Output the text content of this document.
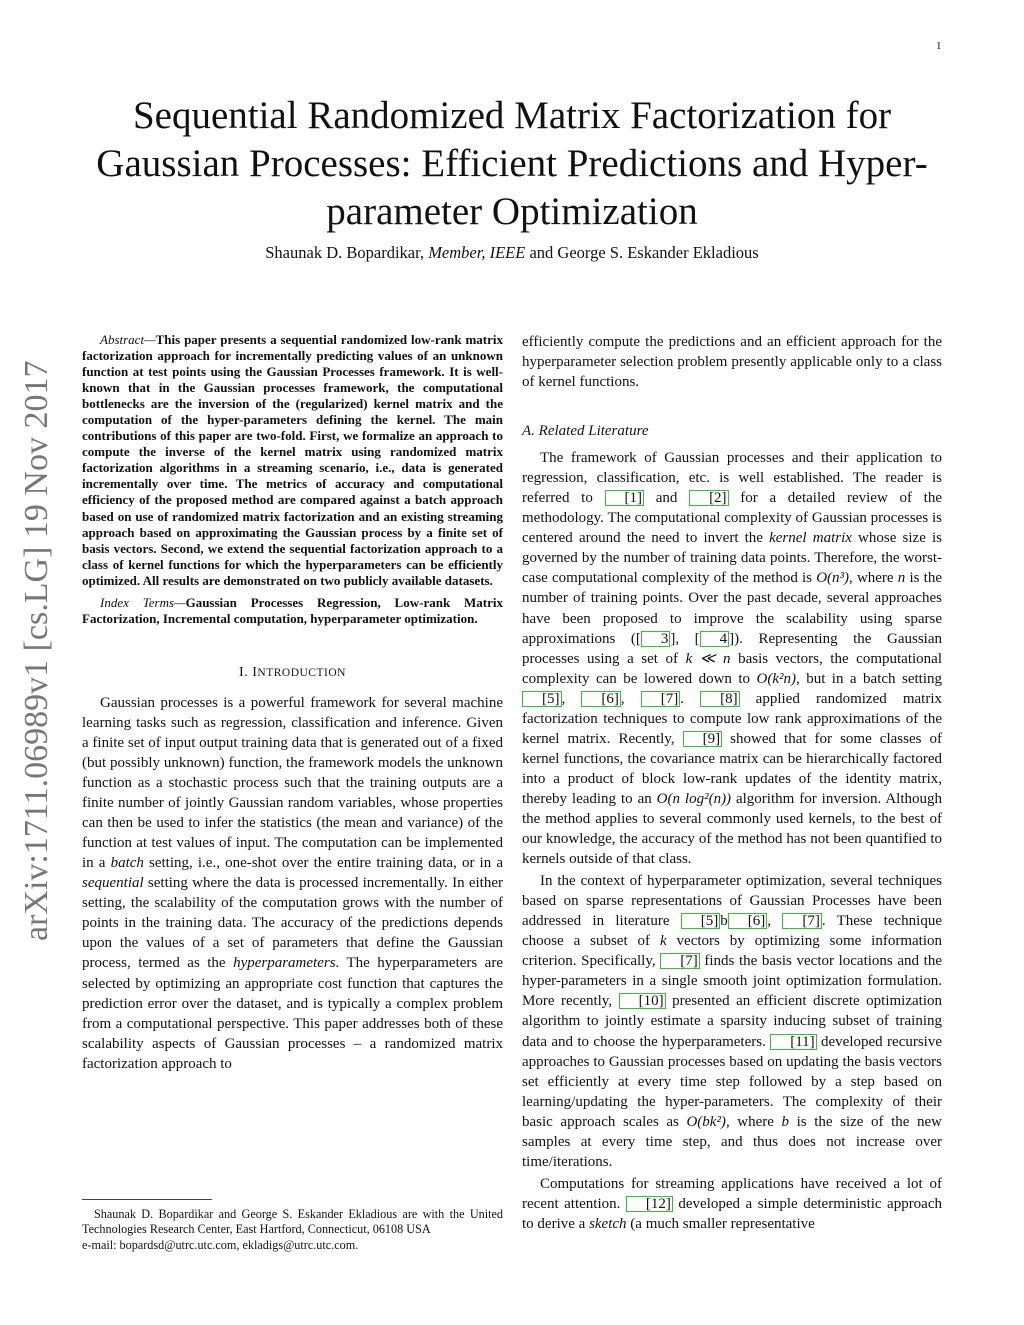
1
Sequential Randomized Matrix Factorization for Gaussian Processes: Efficient Predictions and Hyper-parameter Optimization
Shaunak D. Bopardikar, Member, IEEE and George S. Eskander Ekladious
arXiv:1711.06989v1 [cs.LG] 19 Nov 2017

Abstract—This paper presents a sequential randomized low-rank matrix factorization approach for incrementally predicting values of an unknown function at test points using the Gaussian Processes framework. It is well-known that in the Gaussian processes framework, the computational bottlenecks are the inversion of the (regularized) kernel matrix and the computation of the hyper-parameters defining the kernel. The main contributions of this paper are two-fold. First, we formalize an approach to compute the inverse of the kernel matrix using randomized matrix factorization algorithms in a streaming scenario, i.e., data is generated incrementally over time. The metrics of accuracy and computational efficiency of the proposed method are compared against a batch approach based on use of randomized matrix factorization and an existing streaming approach based on approximating the Gaussian process by a finite set of basis vectors. Second, we extend the sequential factorization approach to a class of kernel functions for which the hyperparameters can be efficiently optimized. All results are demonstrated on two publicly available datasets.

Index Terms—Gaussian Processes Regression, Low-rank Matrix Factorization, Incremental computation, hyperparameter optimization.

I. INTRODUCTION

Gaussian processes is a powerful framework for several machine learning tasks such as regression, classification and inference. Given a finite set of input output training data that is generated out of a fixed (but possibly unknown) function, the framework models the unknown function as a stochastic process such that the training outputs are a finite number of jointly Gaussian random variables, whose properties can then be used to infer the statistics (the mean and variance) of the function at test values of input. The computation can be implemented in a batch setting, i.e., one-shot over the entire training data, or in a sequential setting where the data is processed incrementally. In either setting, the scalability of the computation grows with the number of points in the training data. The accuracy of the predictions depends upon the values of a set of parameters that define the Gaussian process, termed as the hyperparameters. The hyperparameters are selected by optimizing an appropriate cost function that captures the prediction error over the dataset, and is typically a complex problem from a computational perspective. This paper addresses both of these scalability aspects of Gaussian processes – a randomized matrix factorization approach to

efficiently compute the predictions and an efficient approach for the hyperparameter selection problem presently applicable only to a class of kernel functions.

A. Related Literature

The framework of Gaussian processes and their application to regression, classification, etc. is well established. The reader is referred to [1] and [2] for a detailed review of the methodology. The computational complexity of Gaussian processes is centered around the need to invert the kernel matrix whose size is governed by the number of training data points. Therefore, the worst-case computational complexity of the method is O(n³), where n is the number of training points. Over the past decade, several approaches have been proposed to improve the scalability using sparse approximations ([ 3 ], [ 4 ]). Representing the Gaussian processes using a set of k ≪ n basis vectors, the computational complexity can be lowered down to O(k²n), but in a batch setting [5] , [6] , [7] . [8] applied randomized matrix factorization techniques to compute low rank approximations of the kernel matrix. Recently, [9] showed that for some classes of kernel functions, the covariance matrix can be hierarchically factored into a product of block low-rank updates of the identity matrix, thereby leading to an O(n log²(n)) algorithm for inversion. Although the method applies to several commonly used kernels, to the best of our knowledge, the accuracy of the method has not been quantified to kernels outside of that class.

In the context of hyperparameter optimization, several techniques based on sparse representations of Gaussian Processes have been addressed in literature [5] b [6] , [7] . These technique choose a subset of k vectors by optimizing some information criterion. Specifically, [7] finds the basis vector locations and the hyper-parameters in a single smooth joint optimization formulation. More recently, [10] presented an efficient discrete optimization algorithm to jointly estimate a sparsity inducing subset of training data and to choose the hyperparameters. [11] developed recursive approaches to Gaussian processes based on updating the basis vectors set efficiently at every time step followed by a step based on learning/updating the hyper-parameters. The complexity of their basic approach scales as O(bk²), where b is the size of the new samples at every time step, and thus does not increase over time/iterations.

Computations for streaming applications have received a lot of recent attention. [12] developed a simple deterministic approach to derive a sketch (a much smaller representative

Shaunak D. Bopardikar and George S. Eskander Ekladious are with the United Technologies Research Center, East Hartford, Connecticut, 06108 USA

e-mail: bopardsd@utrc.utc.com, ekladigs@utrc.utc.com.
